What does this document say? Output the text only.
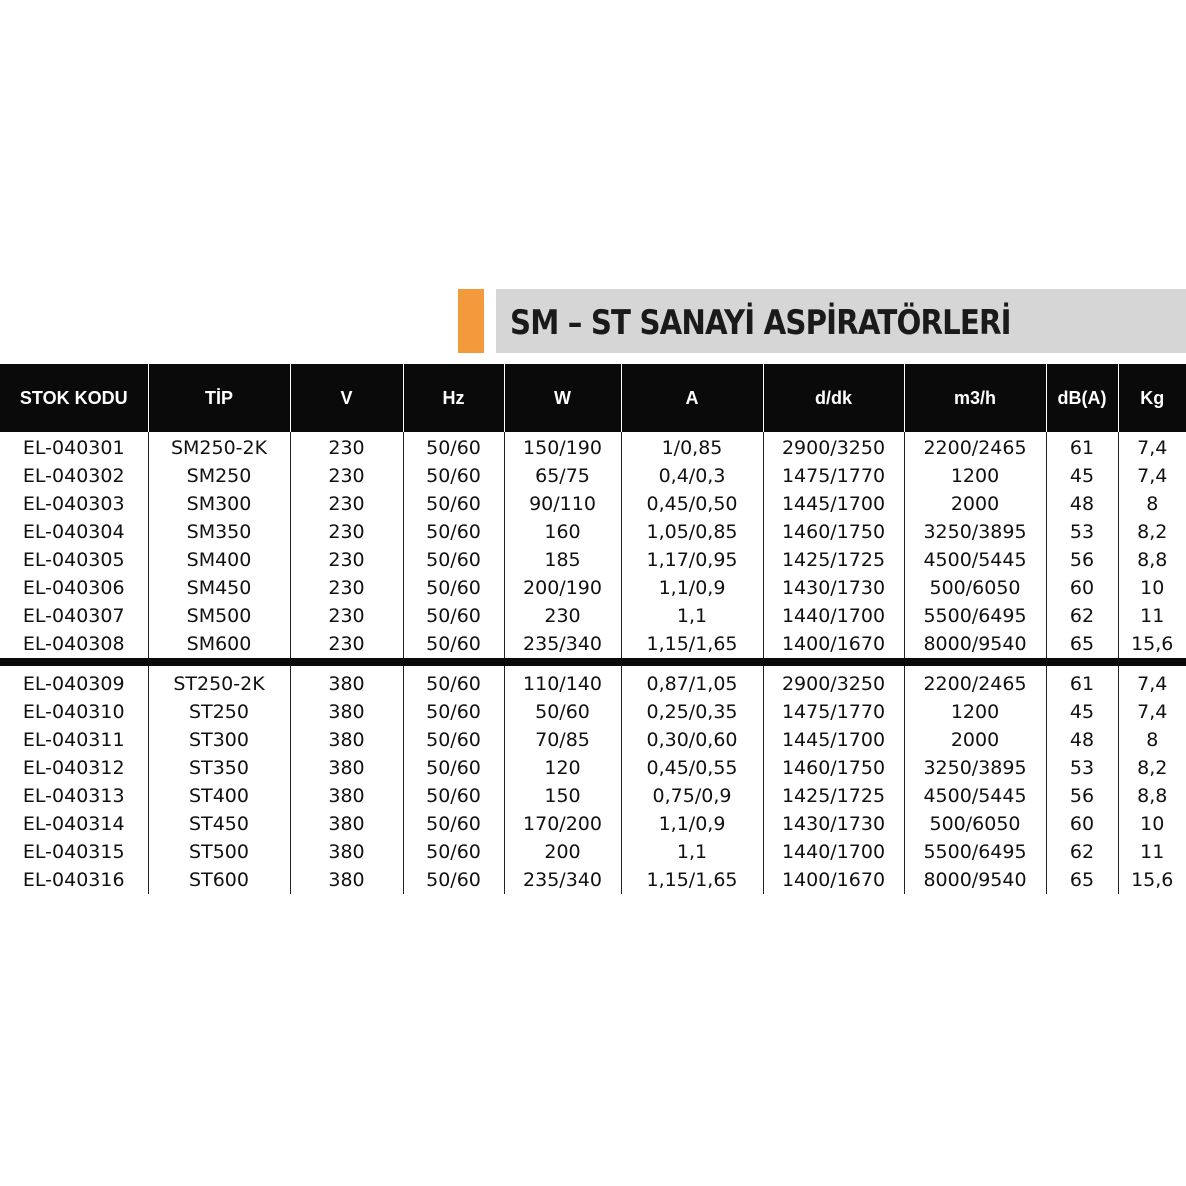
SM – ST SANAYİ ASPİRATÖRLERİ
STOK KODU	TİP	V	Hz	W	A	d/dk	m3/h	dB(A)	Kg
EL-040301	SM250-2K	230	50/60	150/190	1/0,85	2900/3250	2200/2465	61	7,4
EL-040302	SM250	230	50/60	65/75	0,4/0,3	1475/1770	1200	45	7,4
EL-040303	SM300	230	50/60	90/110	0,45/0,50	1445/1700	2000	48	8
EL-040304	SM350	230	50/60	160	1,05/0,85	1460/1750	3250/3895	53	8,2
EL-040305	SM400	230	50/60	185	1,17/0,95	1425/1725	4500/5445	56	8,8
EL-040306	SM450	230	50/60	200/190	1,1/0,9	1430/1730	500/6050	60	10
EL-040307	SM500	230	50/60	230	1,1	1440/1700	5500/6495	62	11
EL-040308	SM600	230	50/60	235/340	1,15/1,65	1400/1670	8000/9540	65	15,6

EL-040309	ST250-2K	380	50/60	110/140	0,87/1,05	2900/3250	2200/2465	61	7,4
EL-040310	ST250	380	50/60	50/60	0,25/0,35	1475/1770	1200	45	7,4
EL-040311	ST300	380	50/60	70/85	0,30/0,60	1445/1700	2000	48	8
EL-040312	ST350	380	50/60	120	0,45/0,55	1460/1750	3250/3895	53	8,2
EL-040313	ST400	380	50/60	150	0,75/0,9	1425/1725	4500/5445	56	8,8
EL-040314	ST450	380	50/60	170/200	1,1/0,9	1430/1730	500/6050	60	10
EL-040315	ST500	380	50/60	200	1,1	1440/1700	5500/6495	62	11
EL-040316	ST600	380	50/60	235/340	1,15/1,65	1400/1670	8000/9540	65	15,6
